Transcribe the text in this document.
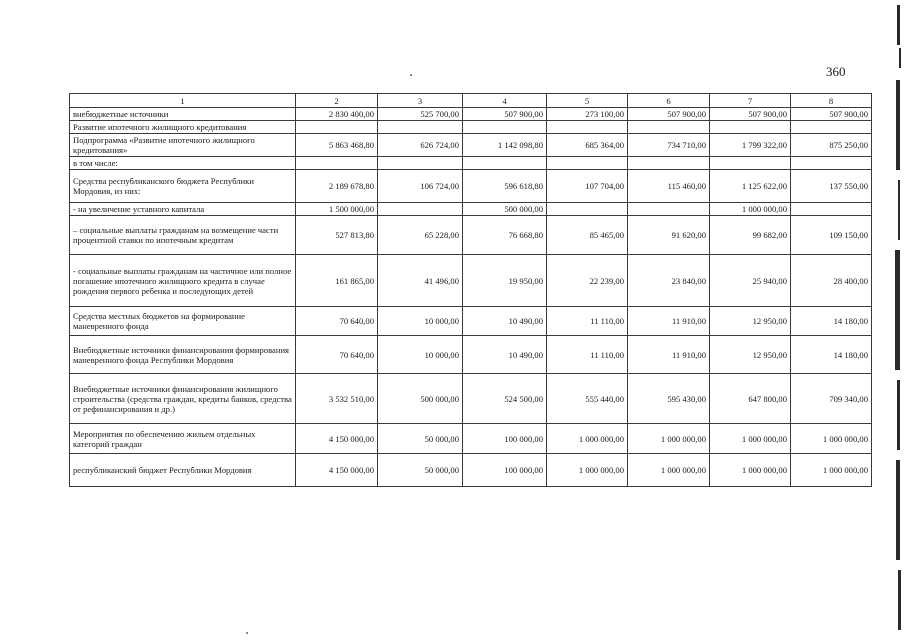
360
1	2	3	4	5	6	7	8
внебюджетные источники	2 830 400,00	525 700,00	507 900,00	273 100,00	507 900,00	507 900,00	507 900,00
Развитие ипотечного жилищного кредитования							
Подпрограмма «Развитие ипотечного жилищного кредитования»	5 863 468,80	626 724,00	1 142 098,80	685 364,00	734 710,00	1 799 322,00	875 250,00
в том числе:							
Средства республиканского бюджета Республики Мордовия, из них:	2 189 678,80	106 724,00	596 618,80	107 704,00	115 460,00	1 125 622,00	137 550,00
- на увеличение уставного капитала	1 500 000,00		500 000,00			1 000 000,00	
– социальные выплаты гражданам на возмещение части процентной ставки по ипотечным кредитам	527 813,80	65 228,00	76 668,80	85 465,00	91 620,00	99 682,00	109 150,00
- социальные выплаты гражданам на частичное или полное погашение ипотечного жилищного кредита в случае рождения первого ребенка и последующих детей	161 865,00	41 496,00	19 950,00	22 239,00	23 840,00	25 940,00	28 400,00
Средства местных бюджетов на формирование маневренного фонда	70 640,00	10 000,00	10 490,00	11 110,00	11 910,00	12 950,00	14 180,00
Внебюджетные источники финансирования формирования маневренного фонда Республики Мордовия	70 640,00	10 000,00	10 490,00	11 110,00	11 910,00	12 950,00	14 180,00
Внебюджетные источники финансирования жилищного строительства (средства граждан, кредиты банков, средства от рефинансирования и др.)	3 532 510,00	500 000,00	524 500,00	555 440,00	595 430,00	647 800,00	709 340,00
Мероприятия по обеспечению жильем отдельных категорий граждан	4 150 000,00	50 000,00	100 000,00	1 000 000,00	1 000 000,00	1 000 000,00	1 000 000,00
республиканский бюджет Республики Мордовия	4 150 000,00	50 000,00	100 000,00	1 000 000,00	1 000 000,00	1 000 000,00	1 000 000,00
